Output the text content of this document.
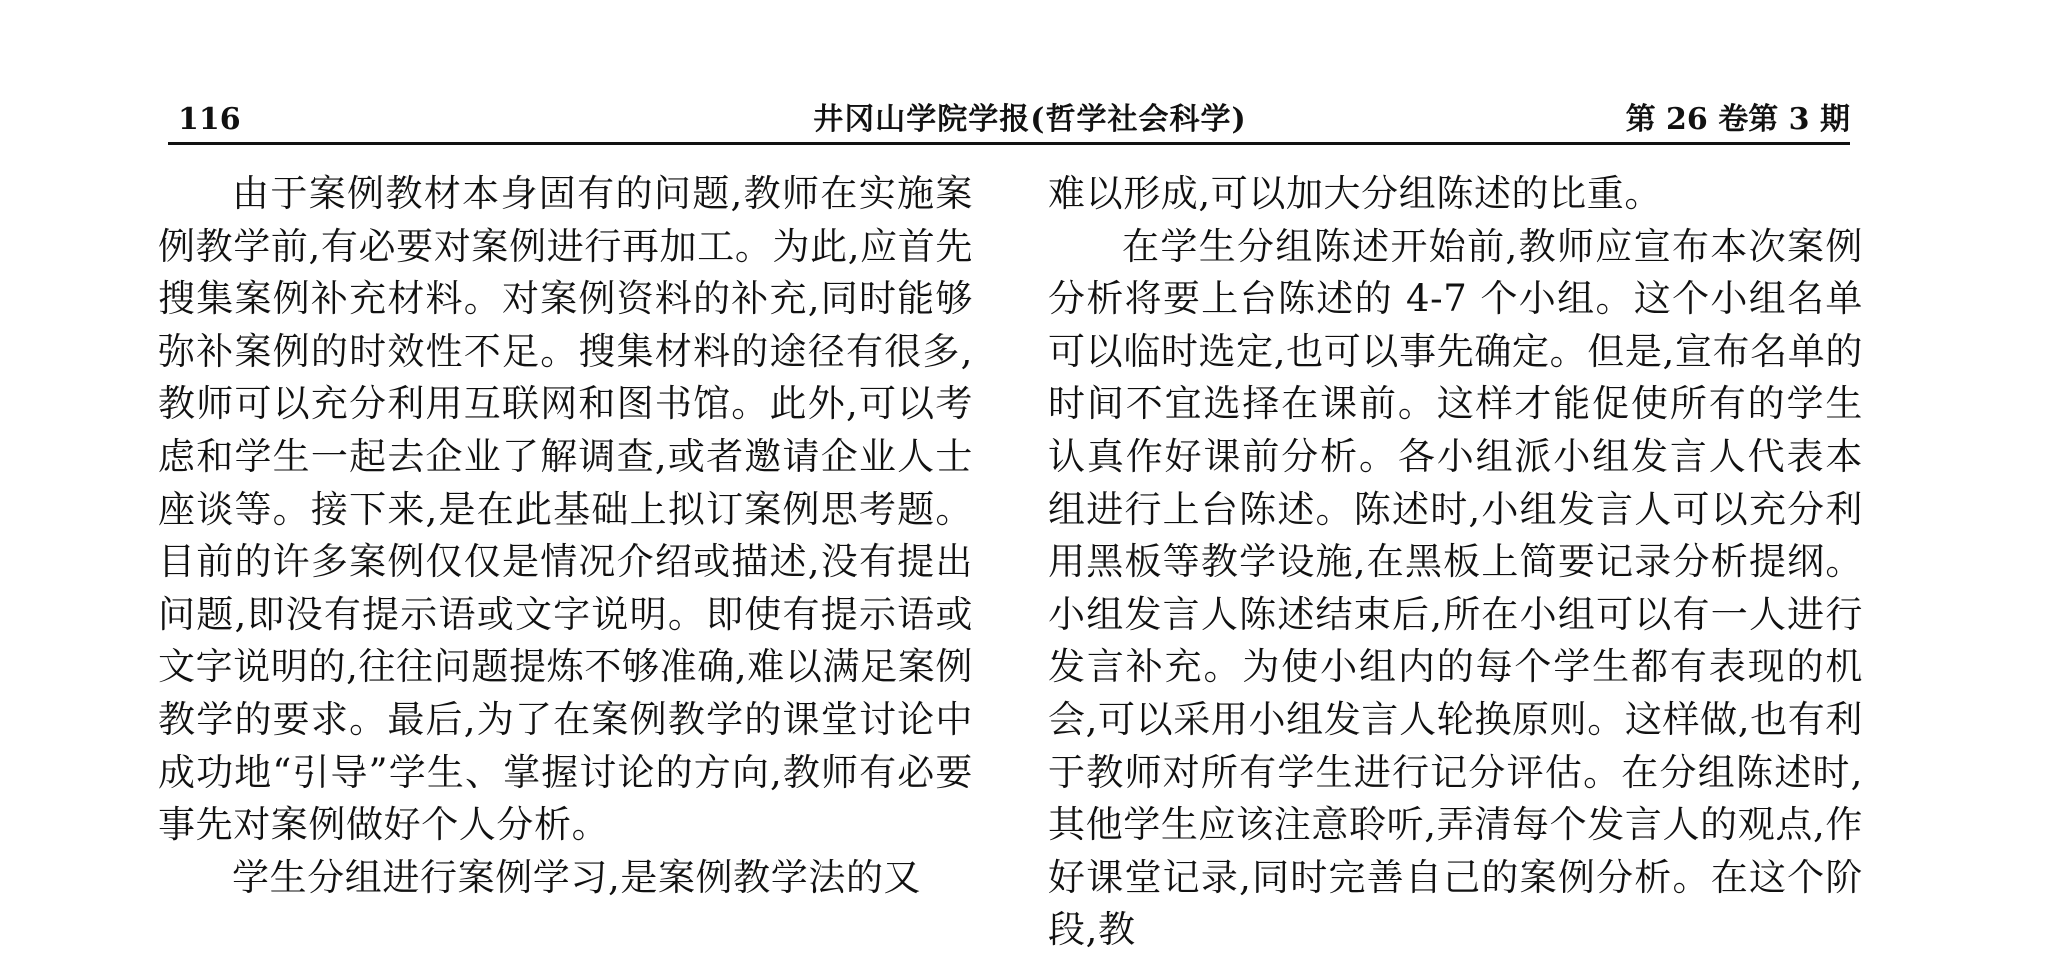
116	井冈山学院学报(哲学社会科学)	第 26 卷第 3 期

由于案例教材本身固有的问题,教师在实施案例教学前,有必要对案例进行再加工。为此,应首先搜集案例补充材料。对案例资料的补充,同时能够弥补案例的时效性不足。搜集材料的途径有很多,教师可以充分利用互联网和图书馆。此外,可以考虑和学生一起去企业了解调查,或者邀请企业人士座谈等。接下来,是在此基础上拟订案例思考题。目前的许多案例仅仅是情况介绍或描述,没有提出问题,即没有提示语或文字说明。即使有提示语或文字说明的,往往问题提炼不够准确,难以满足案例教学的要求。最后,为了在案例教学的课堂讨论中成功地“引导”学生、掌握讨论的方向,教师有必要事先对案例做好个人分析。

学生分组进行案例学习,是案例教学法的又

难以形成,可以加大分组陈述的比重。

在学生分组陈述开始前,教师应宣布本次案例分析将要上台陈述的 4-7 个小组。这个小组名单可以临时选定,也可以事先确定。但是,宣布名单的时间不宜选择在课前。这样才能促使所有的学生认真作好课前分析。各小组派小组发言人代表本组进行上台陈述。陈述时,小组发言人可以充分利用黑板等教学设施,在黑板上简要记录分析提纲。小组发言人陈述结束后,所在小组可以有一人进行发言补充。为使小组内的每个学生都有表现的机会,可以采用小组发言人轮换原则。这样做,也有利于教师对所有学生进行记分评估。在分组陈述时,其他学生应该注意聆听,弄清每个发言人的观点,作好课堂记录,同时完善自己的案例分析。在这个阶段,教
